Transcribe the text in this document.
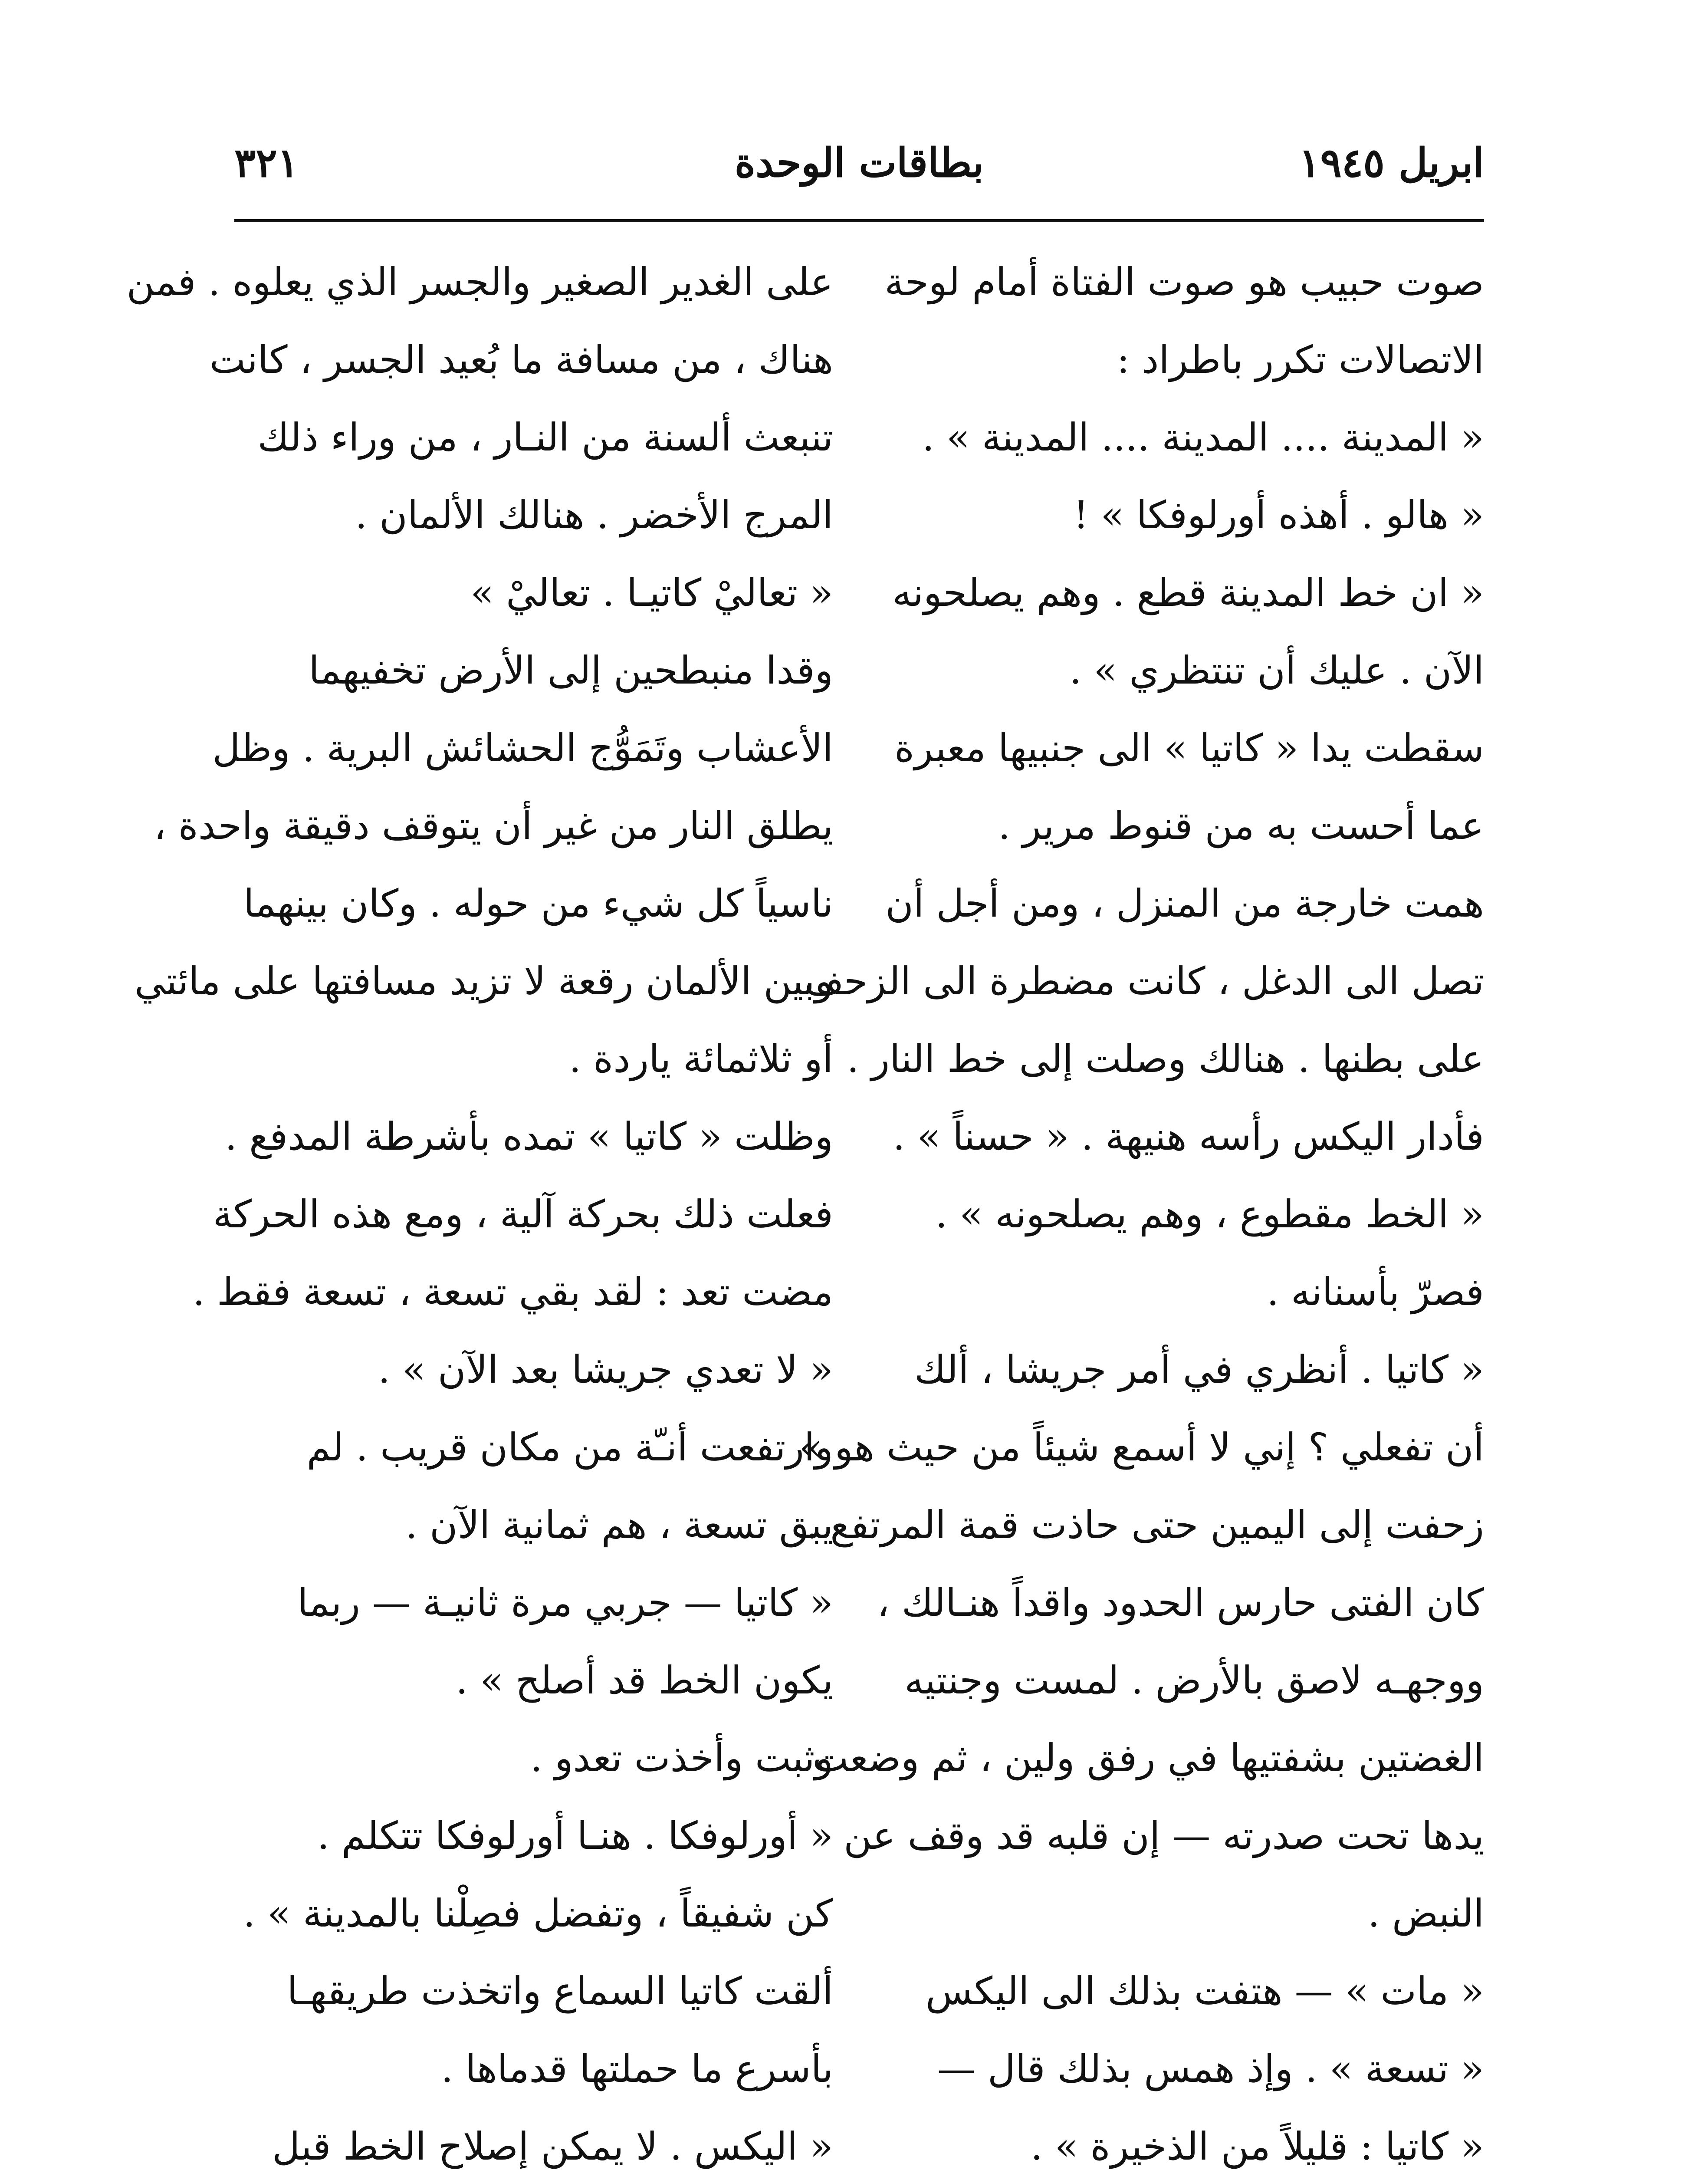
ابريل ١٩٤٥
بطاقات الوحدة
٣٢١
صوت حبيب هو صوت الفتاة أمام لوحة
الاتصالات تكرر باطراد :
« المدينة .... المدينة .... المدينة » .
« هالو . أهذه أورلوفكا » !
« ان خط المدينة قطع . وهم يصلحونه
الآن . عليك أن تنتظري » .
سقطت يدا « كاتيا » الى جنبيها معبرة
عما أحست به من قنوط مرير .
همت خارجة من المنزل ، ومن أجل أن
تصل الى الدغل ، كانت مضطرة الى الزحف
على بطنها . هنالك وصلت إلى خط النار .
فأدار اليكس رأسه هنيهة . « حسناً » .
« الخط مقطوع ، وهم يصلحونه » .
فصرّ بأسنانه .
« كاتيا . أنظري في أمر جريشا ، ألك
أن تفعلي ؟ إني لا أسمع شيئاً من حيث هو »
زحفت إلى اليمين حتى حاذت قمة المرتفع .
كان الفتى حارس الحدود واقداً هنـالك ،
ووجهـه لاصق بالأرض . لمست وجنتيه
الغضتين بشفتيها في رفق ولين ، ثم وضعت
يدها تحت صدرته — إن قلبه قد وقف عن
النبض .
« مات » — هتفت بذلك الى اليكس
« تسعة » . وإذ همس بذلك قال —
« كاتيا : قليلاً من الذخيرة » .
على الغدير الصغير والجسر الذي يعلوه . فمن
هناك ، من مسافة ما بُعيد الجسر ، كانت
تنبعث ألسنة من النـار ، من وراء ذلك
المرج الأخضر . هنالك الألمان .
« تعاليْ كاتيـا . تعاليْ »
وقدا منبطحين إلى الأرض تخفيهما
الأعشاب وتَمَوُّج الحشائش البرية . وظل
يطلق النار من غير أن يتوقف دقيقة واحدة ،
ناسياً كل شيء من حوله . وكان بينهما
وبين الألمان رقعة لا تزيد مسافتها على مائتي
أو ثلاثمائة ياردة .
وظلت « كاتيا » تمده بأشرطة المدفع .
فعلت ذلك بحركة آلية ، ومع هذه الحركة
مضت تعد : لقد بقي تسعة ، تسعة فقط .
« لا تعدي جريشا بعد الآن » .
وارتفعت أنـّة من مكان قريب . لم
يبق تسعة ، هم ثمانية الآن .
« كاتيا — جربي مرة ثانيـة — ربما
يكون الخط قد أصلح » .
وثبت وأخذت تعدو .
« أورلوفكا . هنـا أورلوفكا تتكلم .
كن شفيقاً ، وتفضل فصِلْنا بالمدينة » .
ألقت كاتيا السماع واتخذت طريقهـا
بأسرع ما حملتها قدماها .
« اليكس . لا يمكن إصلاح الخط قبل
